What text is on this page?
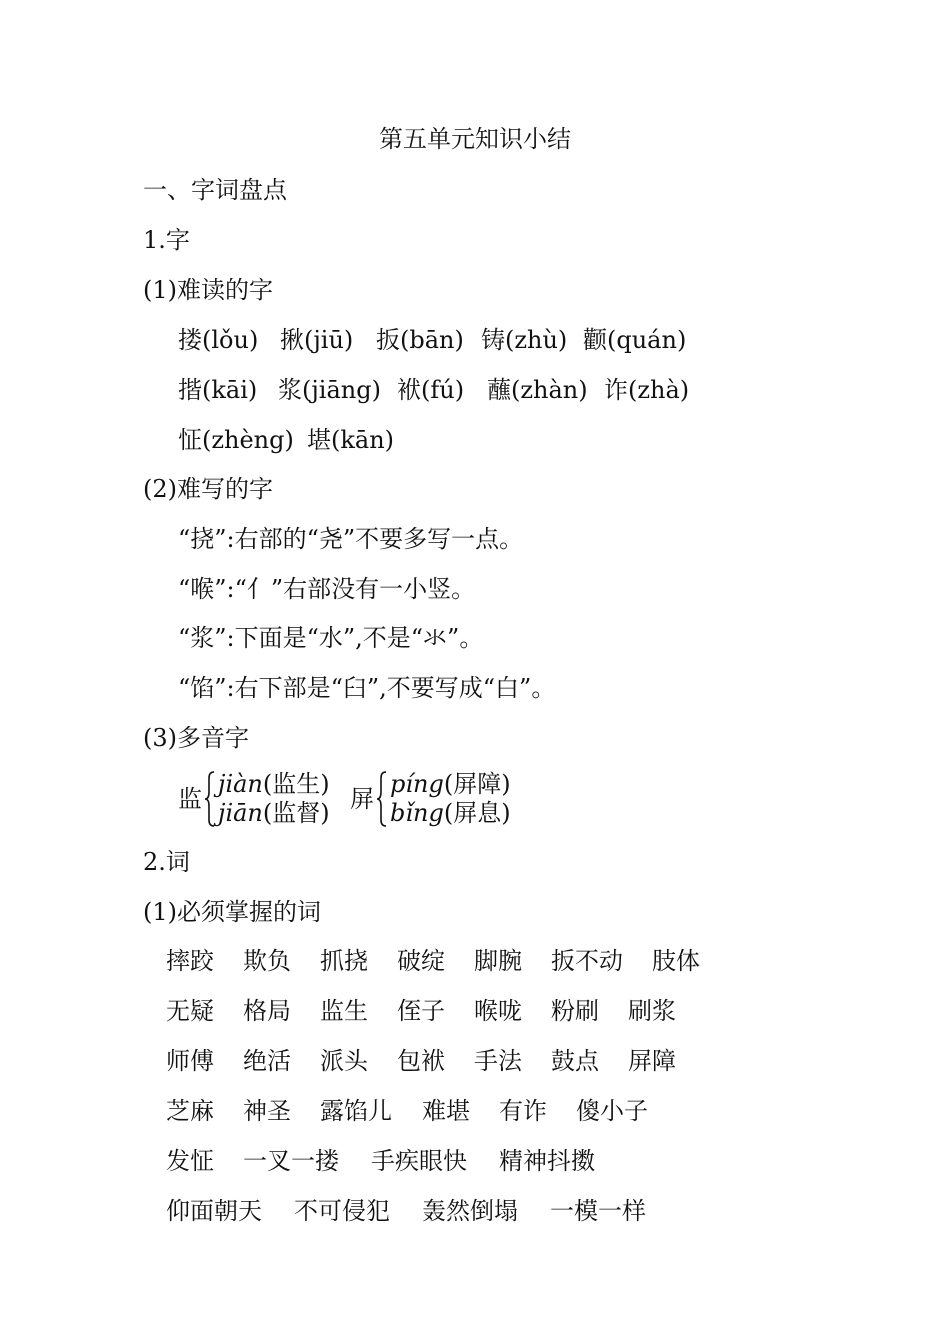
第五单元知识小结
一、字词盘点
1.字
(1)难读的字
搂(lǒu) 揪(jiū) 扳(bān) 铸(zhù) 颧(quán)
揩(kāi) 浆(jiāng) 袱(fú) 蘸(zhàn) 诈(zhà)
怔(zhèng) 堪(kān)
(2)难写的字
“挠”:右部的“尧”不要多写一点。
“喉”:“亻”右部没有一小竖。
“浆”:下面是“水”,不是“氺”。
“馅”:右下部是“臼”,不要写成“白”。
(3)多音字
监
jiàn(监生)
jiān(监督) 屏
píng(屏障)
bǐng(屏息)
2.词
(1)必须掌握的词
摔跤	欺负	抓挠	破绽	脚腕	扳不动	肢体
无疑	格局	监生	侄子	喉咙	粉刷	刷浆
师傅	绝活	派头	包袱	手法	鼓点	屏障
芝麻	神圣	露馅儿	难堪	有诈	傻小子
发怔	一叉一搂	手疾眼快	精神抖擞
仰面朝天	不可侵犯	轰然倒塌	一模一样
